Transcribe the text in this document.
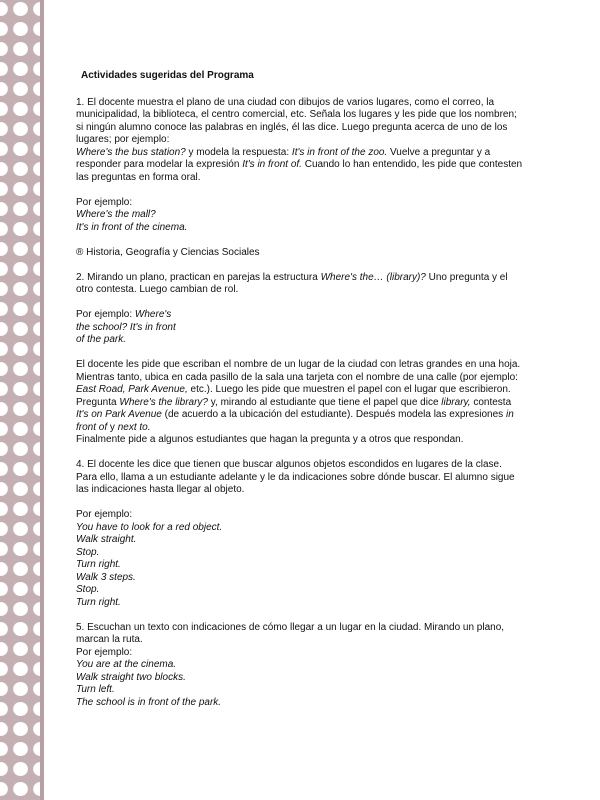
Actividades sugeridas del Programa

1. El docente muestra el plano de una ciudad con dibujos de varios lugares, como el correo, la municipalidad, la biblioteca, el centro comercial, etc. Señala los lugares y les pide que los nombren; si ningún alumno conoce las palabras en inglés, él las dice. Luego pregunta acerca de uno de los lugares; por ejemplo:
Where's the bus station? y modela la respuesta: It's in front of the zoo. Vuelve a preguntar y a responder para modelar la expresión It's in front of. Cuando lo han entendido, les pide que contesten las preguntas en forma oral.

Por ejemplo:
Where's the mall?
It's in front of the cinema.

® Historia, Geografía y Ciencias Sociales

2. Mirando un plano, practican en parejas la estructura Where's the… (library)? Uno pregunta y el otro contesta. Luego cambian de rol.

Por ejemplo: Where's
the school? It's in front
of the park.

El docente les pide que escriban el nombre de un lugar de la ciudad con letras grandes en una hoja. Mientras tanto, ubica en cada pasillo de la sala una tarjeta con el nombre de una calle (por ejemplo: East Road, Park Avenue, etc.). Luego les pide que muestren el papel con el lugar que escribieron. Pregunta Where's the library? y, mirando al estudiante que tiene el papel que dice library, contesta It's on Park Avenue (de acuerdo a la ubicación del estudiante). Después modela las expresiones in front of y next to.
Finalmente pide a algunos estudiantes que hagan la pregunta y a otros que respondan.

4. El docente les dice que tienen que buscar algunos objetos escondidos en lugares de la clase. Para ello, llama a un estudiante adelante y le da indicaciones sobre dónde buscar. El alumno sigue las indicaciones hasta llegar al objeto.

Por ejemplo:
You have to look for a red object.
Walk straight.
Stop.
Turn right.
Walk 3 steps.
Stop.
Turn right.

5. Escuchan un texto con indicaciones de cómo llegar a un lugar en la ciudad. Mirando un plano, marcan la ruta.

Por ejemplo:
You are at the cinema.
Walk straight two blocks.
Turn left.
The school is in front of the park.
